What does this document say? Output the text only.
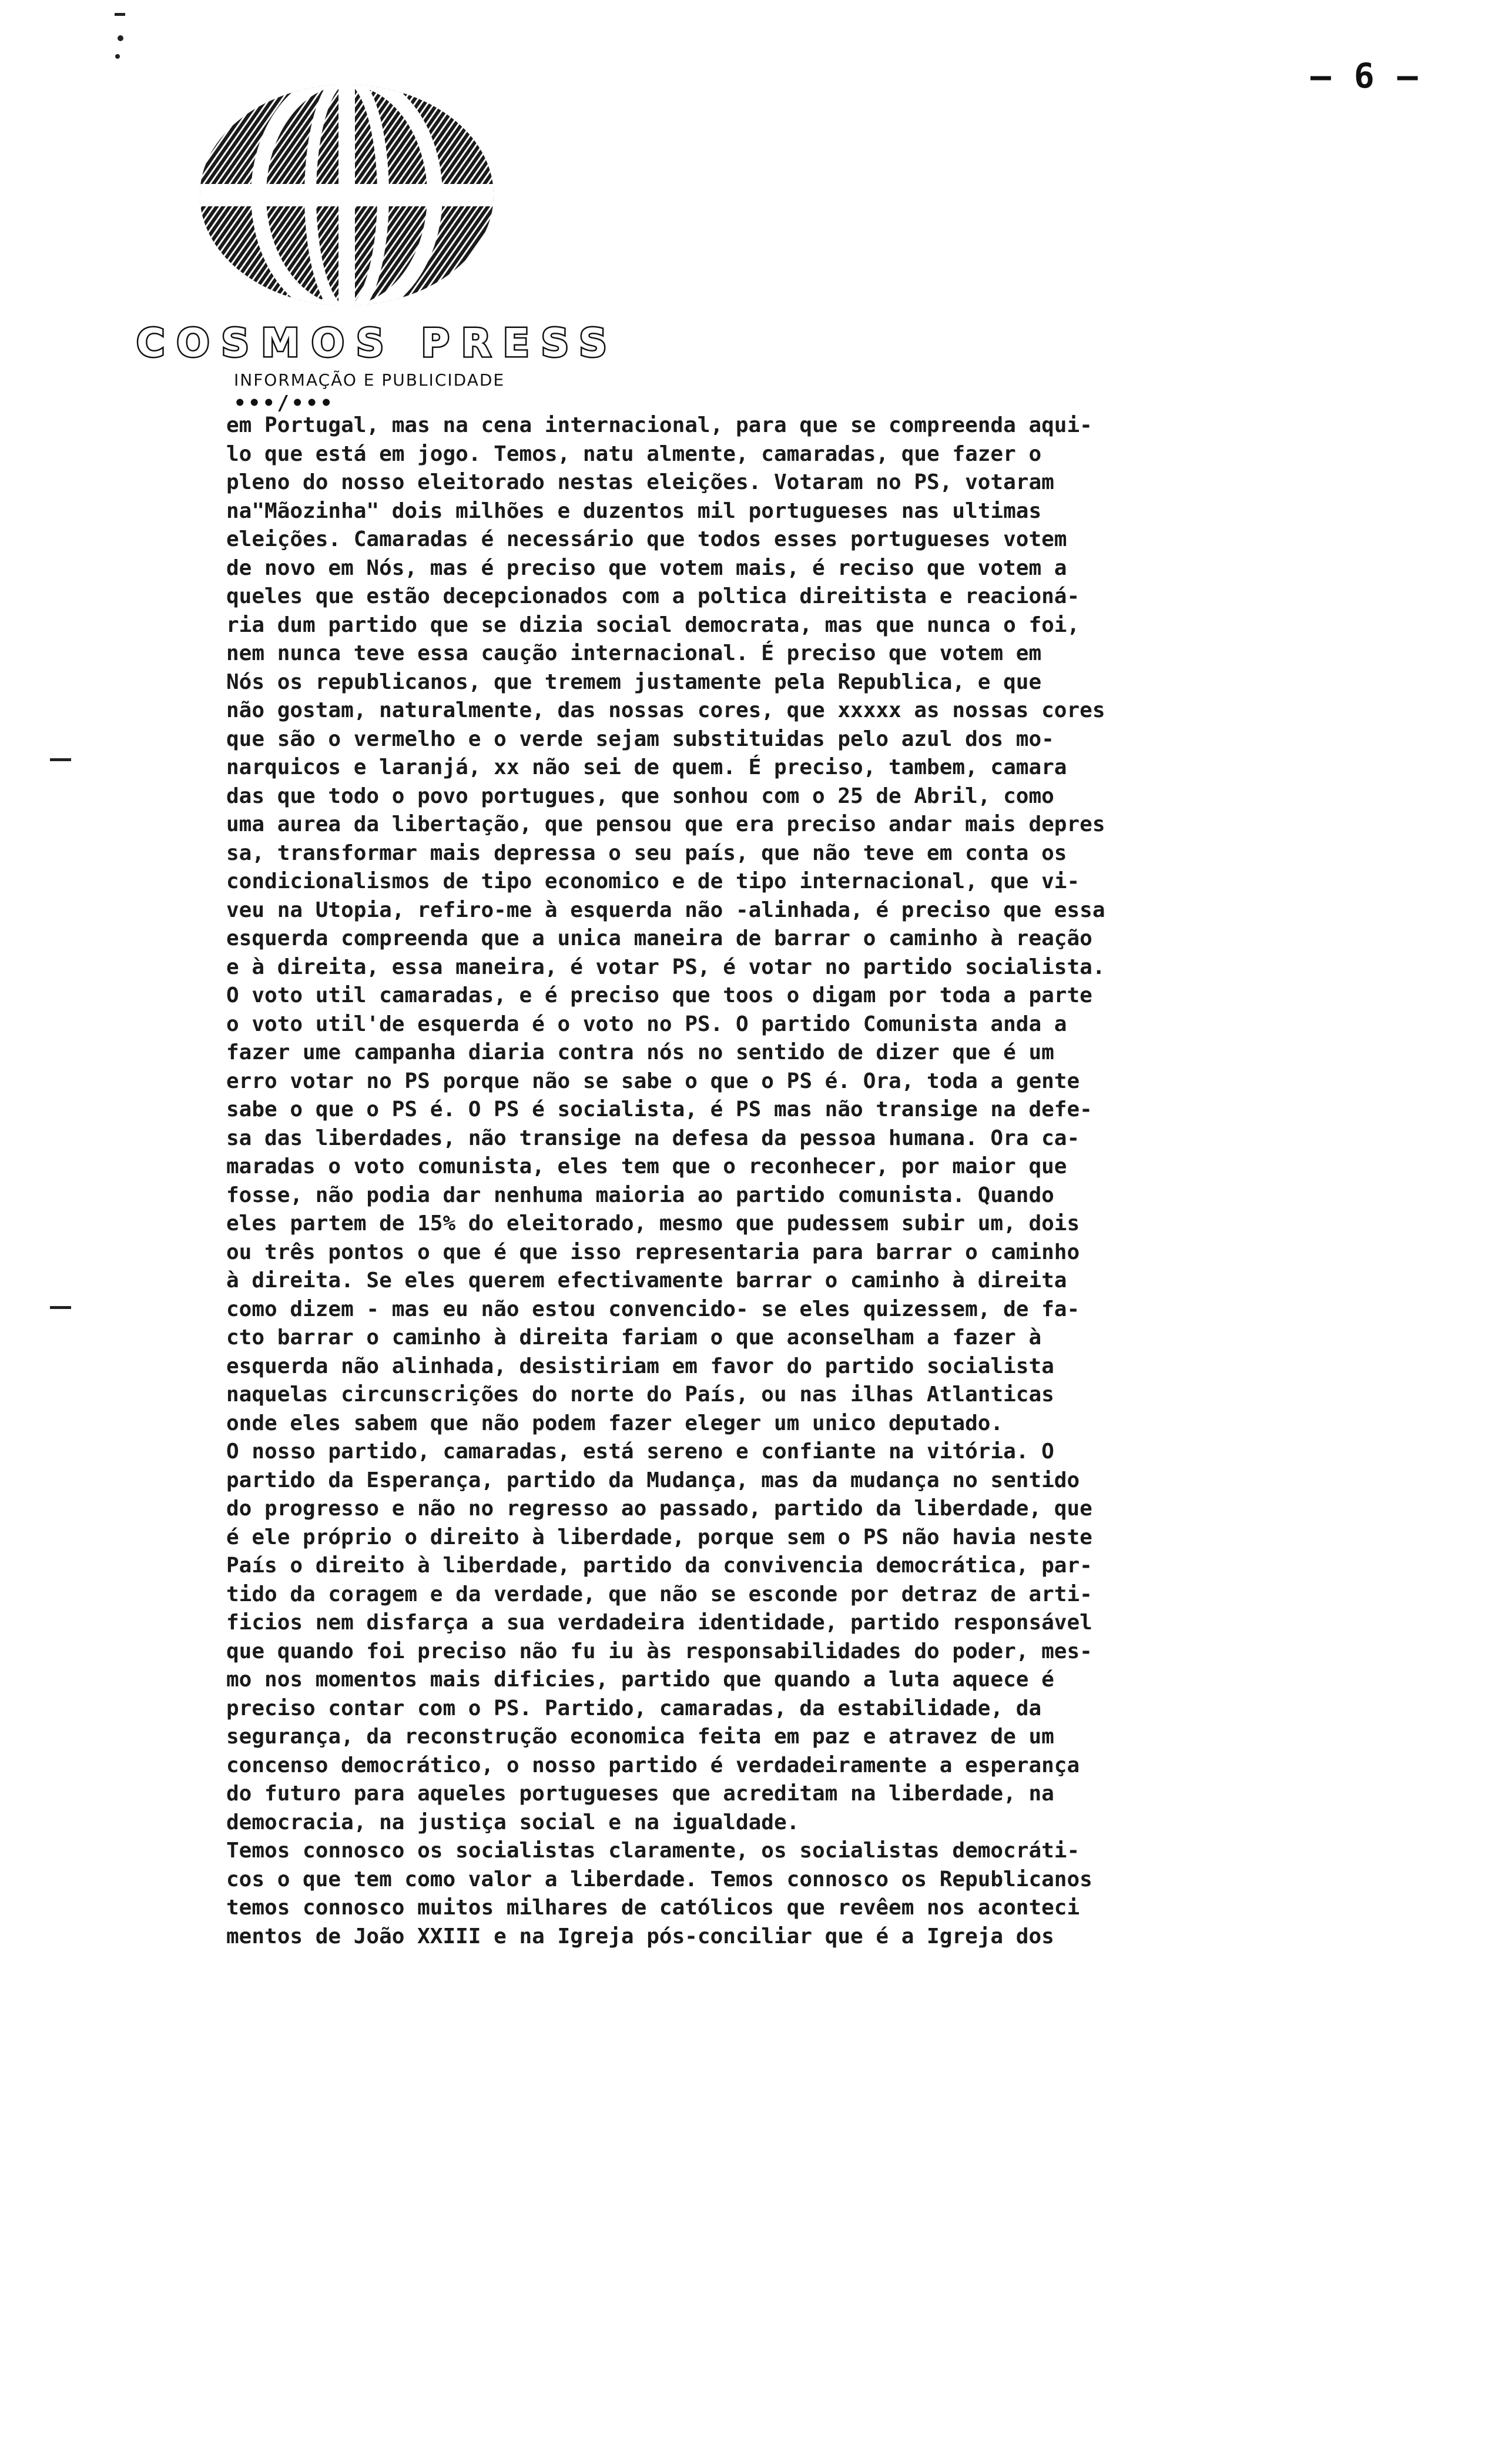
— 6 —
COSMOS PRESS
INFORMAÇÃO E PUBLICIDADE
•••/•••
em Portugal, mas na cena internacional, para que se compreenda aqui-
lo que está em jogo. Temos, natu almente, camaradas, que fazer o
pleno do nosso eleitorado nestas eleições. Votaram no PS, votaram
na"Mãozinha" dois milhões e duzentos mil portugueses nas ultimas
eleições. Camaradas é necessário que todos esses portugueses votem
de novo em Nós, mas é preciso que votem mais, é reciso que votem a
queles que estão decepcionados com a poltica direitista e reacioná-
ria dum partido que se dizia social democrata, mas que nunca o foi,
nem nunca teve essa caução internacional. É preciso que votem em
Nós os republicanos, que tremem justamente pela Republica, e que
não gostam, naturalmente, das nossas cores, que xxxxx as nossas cores
que são o vermelho e o verde sejam substituidas pelo azul dos mo-
narquicos e laranjá, xx não sei de quem. É preciso, tambem, camara
das que todo o povo portugues, que sonhou com o 25 de Abril, como
uma aurea da libertação, que pensou que era preciso andar mais depres
sa, transformar mais depressa o seu país, que não teve em conta os
condicionalismos de tipo economico e de tipo internacional, que vi-
veu na Utopia, refiro-me à esquerda não -alinhada, é preciso que essa
esquerda compreenda que a unica maneira de barrar o caminho à reação
e à direita, essa maneira, é votar PS, é votar no partido socialista.
O voto util camaradas, e é preciso que toos o digam por toda a parte
o voto util'de esquerda é o voto no PS. O partido Comunista anda a
fazer ume campanha diaria contra nós no sentido de dizer que é um
erro votar no PS porque não se sabe o que o PS é. Ora, toda a gente
sabe o que o PS é. O PS é socialista, é PS mas não transige na defe-
sa das liberdades, não transige na defesa da pessoa humana. Ora ca-
maradas o voto comunista, eles tem que o reconhecer, por maior que
fosse, não podia dar nenhuma maioria ao partido comunista. Quando
eles partem de 15% do eleitorado, mesmo que pudessem subir um, dois
ou três pontos o que é que isso representaria para barrar o caminho
à direita. Se eles querem efectivamente barrar o caminho à direita
como dizem - mas eu não estou convencido- se eles quizessem, de fa-
cto barrar o caminho à direita fariam o que aconselham a fazer à
esquerda não alinhada, desistiriam em favor do partido socialista
naquelas circunscrições do norte do País, ou nas ilhas Atlanticas
onde eles sabem que não podem fazer eleger um unico deputado.
O nosso partido, camaradas, está sereno e confiante na vitória. O
partido da Esperança, partido da Mudança, mas da mudança no sentido
do progresso e não no regresso ao passado, partido da liberdade, que
é ele próprio o direito à liberdade, porque sem o PS não havia neste
País o direito à liberdade, partido da convivencia democrática, par-
tido da coragem e da verdade, que não se esconde por detraz de arti-
ficios nem disfarça a sua verdadeira identidade, partido responsável
que quando foi preciso não fu iu às responsabilidades do poder, mes-
mo nos momentos mais dificies, partido que quando a luta aquece é
preciso contar com o PS. Partido, camaradas, da estabilidade, da
segurança, da reconstrução economica feita em paz e atravez de um
concenso democrático, o nosso partido é verdadeiramente a esperança
do futuro para aqueles portugueses que acreditam na liberdade, na
democracia, na justiça social e na igualdade.
Temos connosco os socialistas claramente, os socialistas democráti-
cos o que tem como valor a liberdade. Temos connosco os Republicanos
temos connosco muitos milhares de católicos que revêem nos aconteci
mentos de João XXIII e na Igreja pós-conciliar que é a Igreja dos
